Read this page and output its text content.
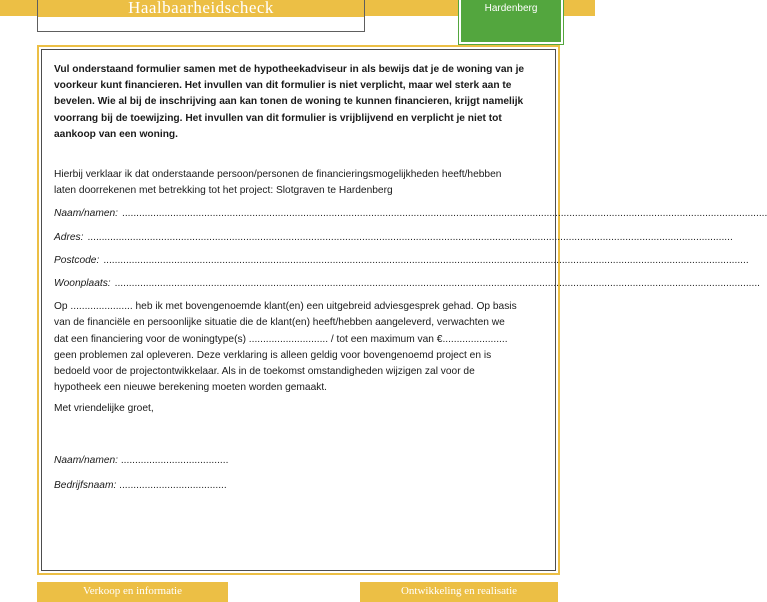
Haalbaarheidscheck	Hardenberg

Vul onderstaand formulier samen met de hypotheekadviseur in als bewijs dat je de woning van je

voorkeur kunt financieren. Het invullen van dit formulier is niet verplicht, maar wel sterk aan te

bevelen. Wie al bij de inschrijving aan kan tonen de woning te kunnen financieren, krijgt namelijk

voorrang bij de toewijzing. Het invullen van dit formulier is vrijblijvend en verplicht je niet tot

aankoop van een woning.

Hierbij verklaar ik dat onderstaande persoon/personen de financieringsmogelijkheden heeft/hebben

laten doorrekenen met betrekking tot het project: Slotgraven te Hardenberg

Naam/namen: ....................................................................................................................................................................................................................................
Adres: ....................................................................................................................................................................................................................................
Postcode: ....................................................................................................................................................................................................................................
Woonplaats: ....................................................................................................................................................................................................................................
Op ...................... heb ik met bovengenoemde klant(en) een uitgebreid adviesgesprek gehad. Op basis
van de financiële en persoonlijke situatie die de klant(en) heeft/hebben aangeleverd, verwachten we
dat een financiering voor de woningtype(s) ............................ / tot een maximum van €.......................
geen problemen zal opleveren. Deze verklaring is alleen geldig voor bovengenoemd project en is
bedoeld voor de projectontwikkelaar. Als in de toekomst omstandigheden wijzigen zal voor de
hypotheek een nieuwe berekening moeten worden gemaakt.
Met vriendelijke groet,
Naam/namen: ......................................
Bedrijfsnaam: ......................................
Verkoop en informatie	Ontwikkeling en realisatie
